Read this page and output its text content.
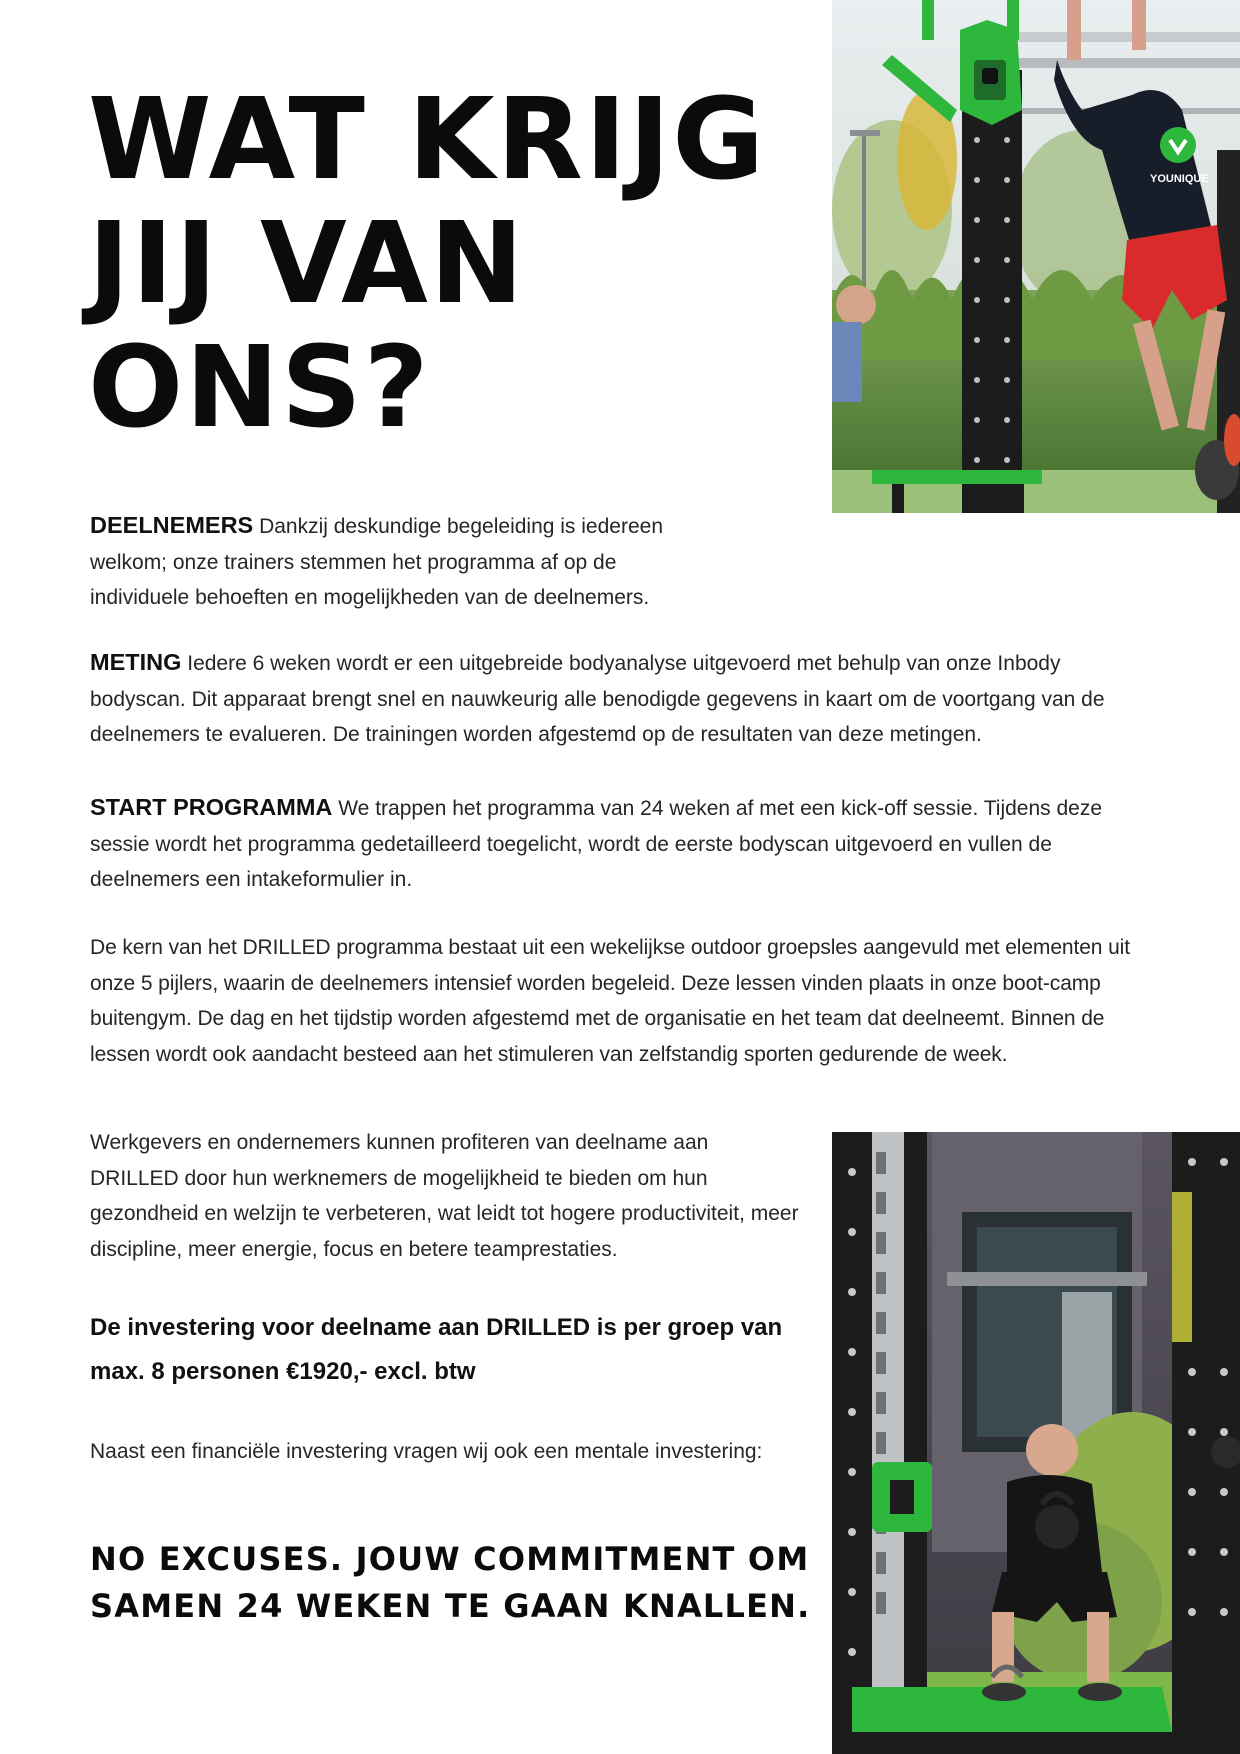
WAT KRIJG
JIJ VAN
ONS?
YOUNIQUE

DEELNEMERS Dankzij deskundige begeleiding is iedereen welkom; onze trainers stemmen het programma af op de individuele behoeften en mogelijkheden van de deelnemers.

METING Iedere 6 weken wordt er een uitgebreide bodyanalyse uitgevoerd met behulp van onze Inbody bodyscan. Dit apparaat brengt snel en nauwkeurig alle benodigde gegevens in kaart om de voortgang van de deelnemers te evalueren. De trainingen worden afgestemd op de resultaten van deze metingen.

START PROGRAMMA We trappen het programma van 24 weken af met een kick-off sessie. Tijdens deze sessie wordt het programma gedetailleerd toegelicht, wordt de eerste bodyscan uitgevoerd en vullen de deelnemers een intakeformulier in.

De kern van het DRILLED programma bestaat uit een wekelijkse outdoor groepsles aangevuld met elementen uit onze 5 pijlers, waarin de deelnemers intensief worden begeleid. Deze lessen vinden plaats in onze boot-camp buitengym. De dag en het tijdstip worden afgestemd met de organisatie en het team dat deelneemt. Binnen de lessen wordt ook aandacht besteed aan het stimuleren van zelfstandig sporten gedurende de week.

Werkgevers en ondernemers kunnen profiteren van deelname aan DRILLED door hun werknemers de mogelijkheid te bieden om hun gezondheid en welzijn te verbeteren, wat leidt tot hogere productiviteit, meer discipline, meer energie, focus en betere teamprestaties.

De investering voor deelname aan DRILLED is per groep van max. 8 personen €1920,- excl. btw

Naast een financiële investering vragen wij ook een mentale investering:

NO EXCUSES. JOUW COMMITMENT OM
SAMEN 24 WEKEN TE GAAN KNALLEN.
